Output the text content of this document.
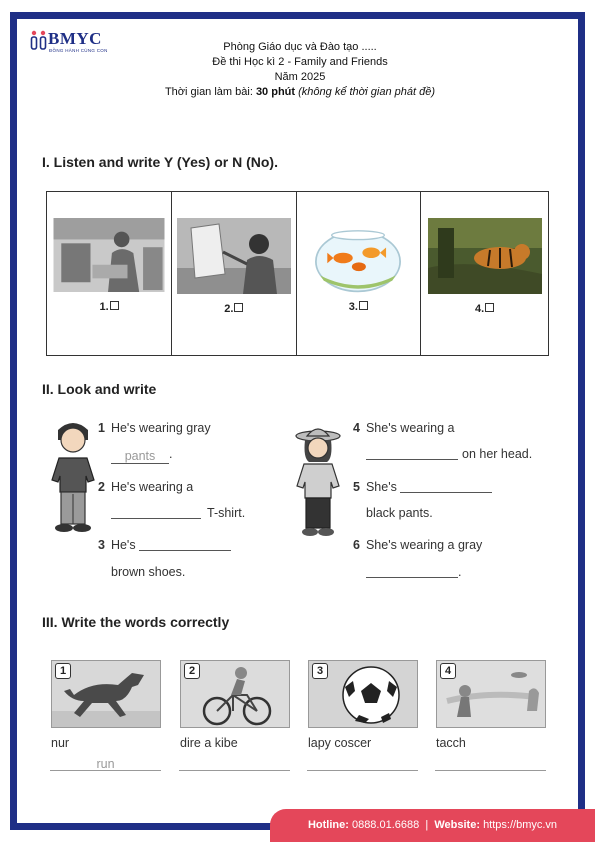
BMYC
ĐỒNG HÀNH CÙNG CON	Phòng Giáo dục và Đào tạo .....
Đề thi Học kì 2 - Family and Friends
Năm 2025
Thời gian làm bài: 30 phút (không kể thời gian phát đề)
I. Listen and write Y (Yes) or N (No).
1.	2.	3.	4.
II. Look and write
1 He's wearing gray
pants .
2 He's wearing a
T-shirt.
3 He's
brown shoes.
4 She's wearing a
on her head.
5 She's
black pants.
6 She's wearing a gray
.
III. Write the words correctly
1	2	3	4
nur	dire a kibe	lapy coscer	tacch
run
Hotline: 0888.01.6688 | Website: https://bmyc.vn
